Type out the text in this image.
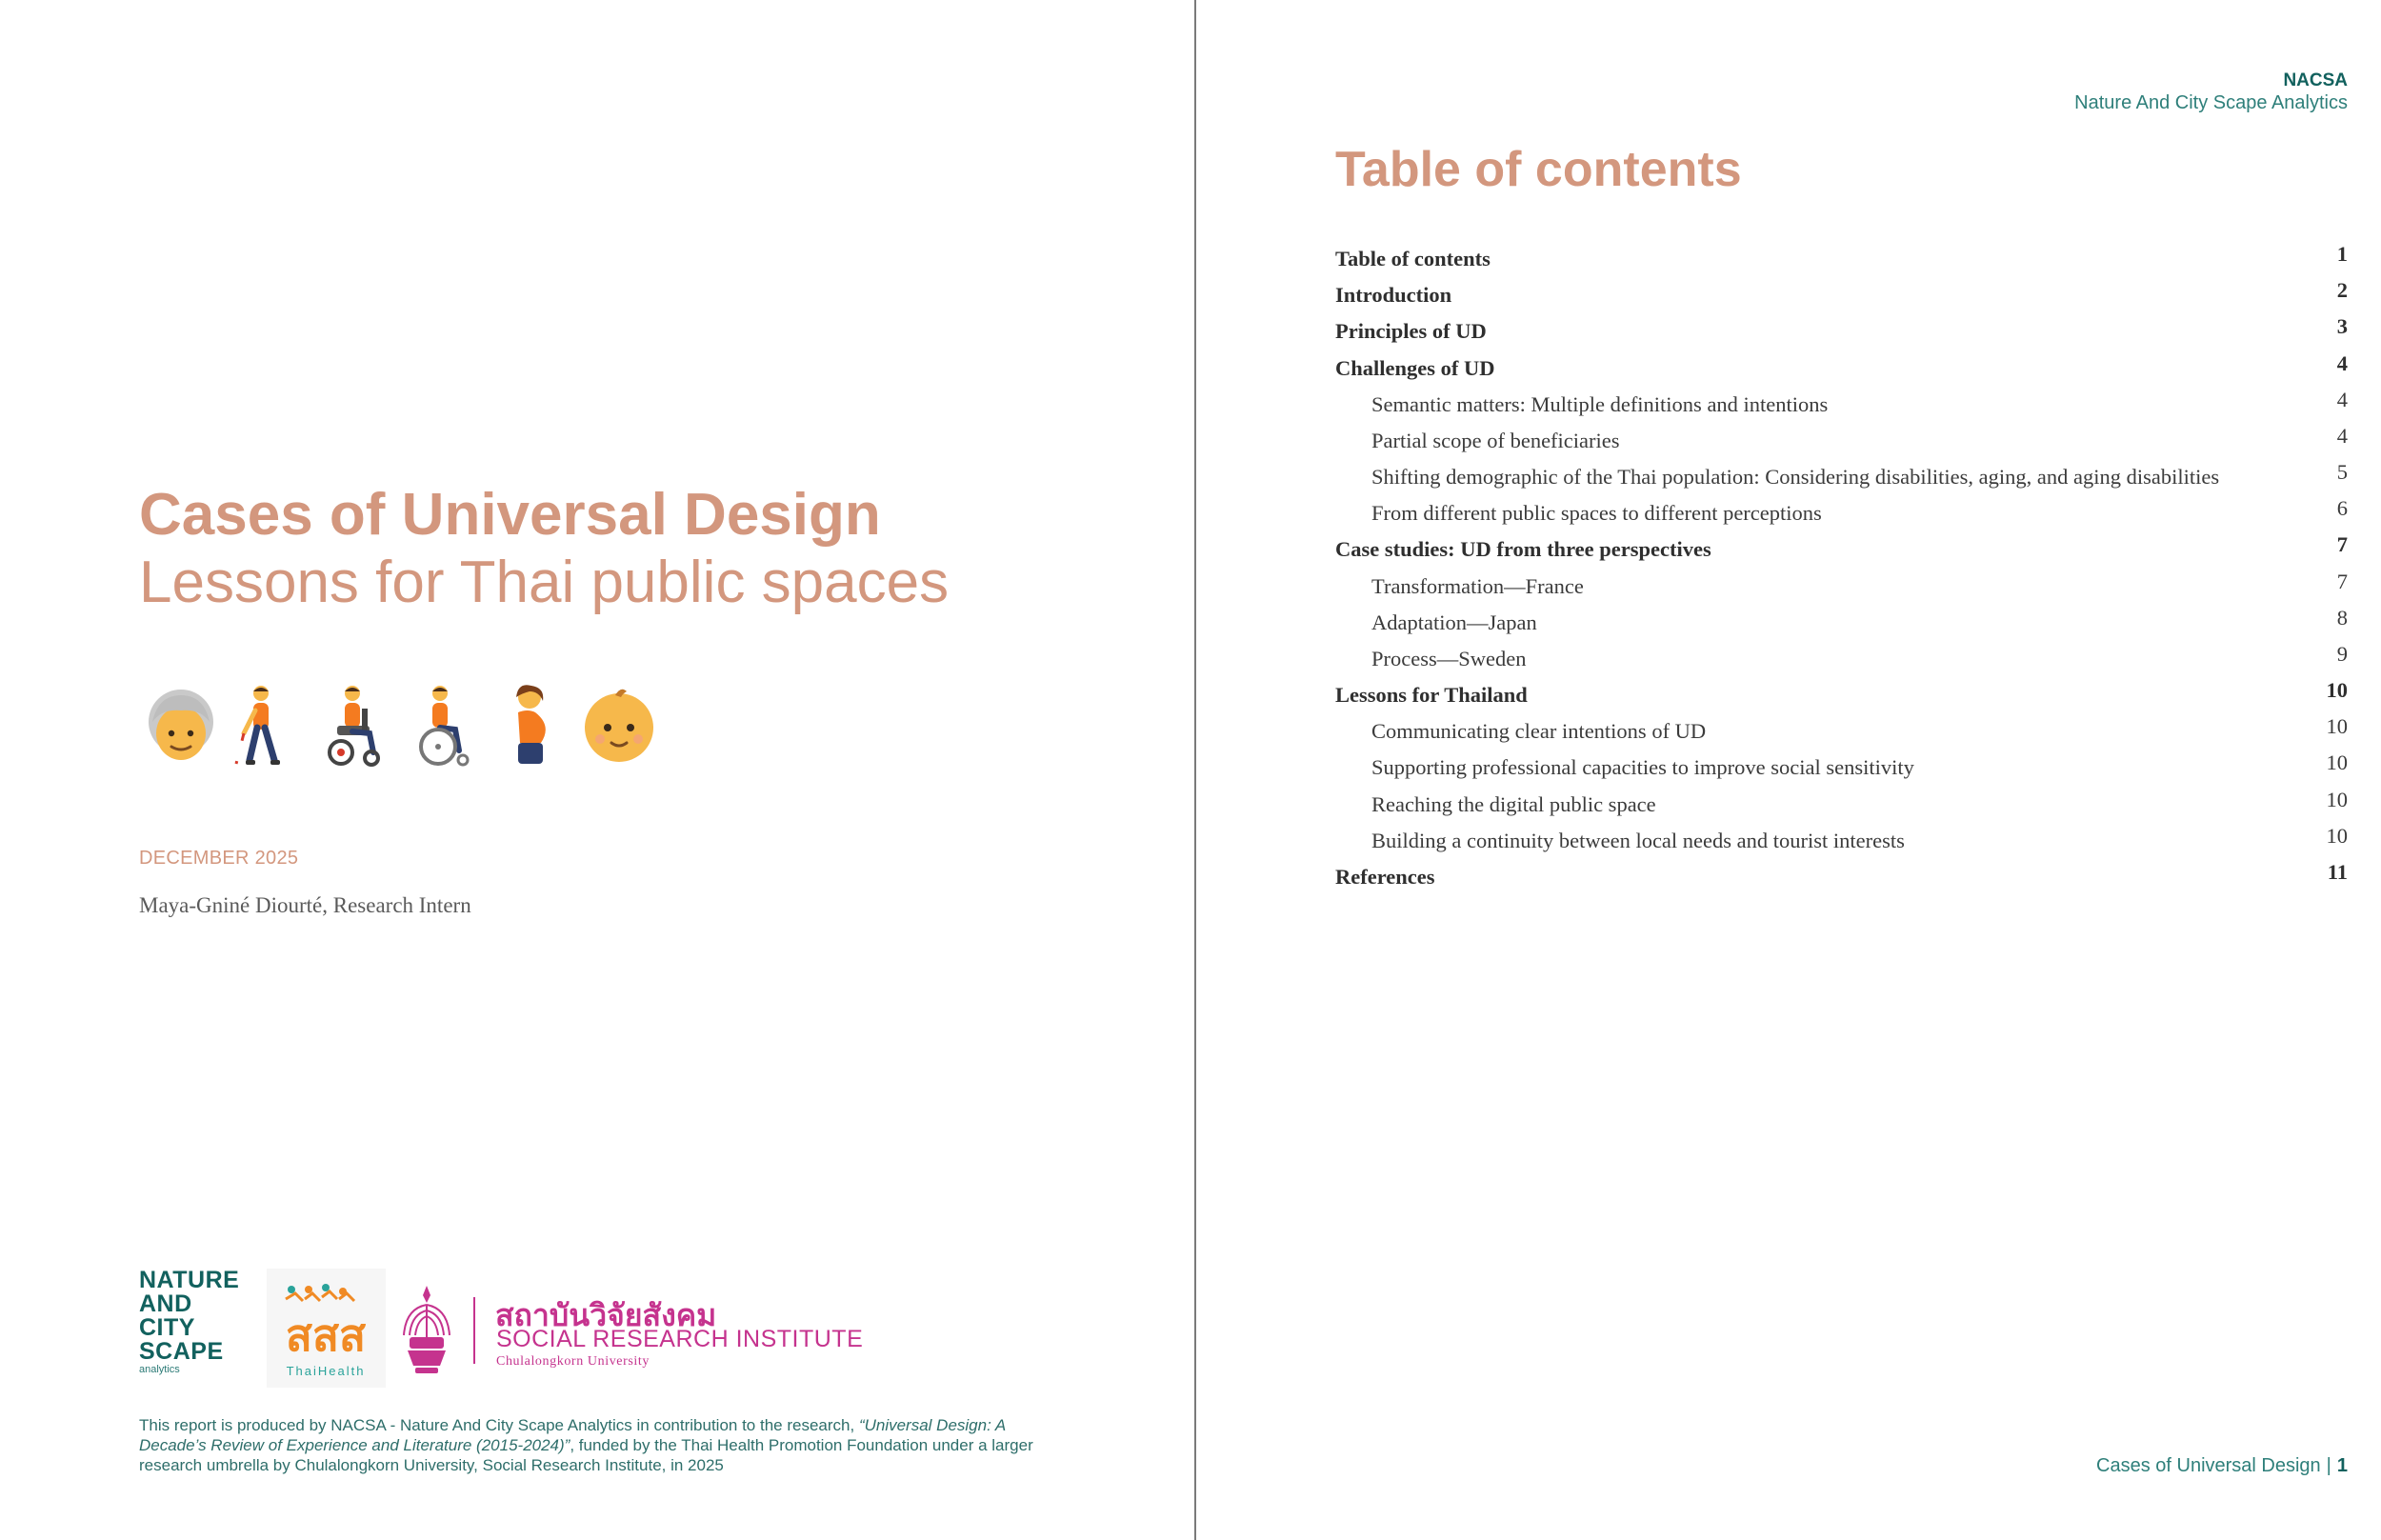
Cases of Universal Design
Lessons for Thai public spaces
DECEMBER 2025
Maya-Gniné Diourté, Research Intern
NATURE
AND
CITY
SCAPE
analytics
สสส
ThaiHealth
สถาบันวิจัยสังคม
SOCIAL RESEARCH INSTITUTE
Chulalongkorn University
This report is produced by NACSA - Nature And City Scape Analytics in contribution to the research, “Universal Design: A Decade’s Review of Experience and Literature (2015-2024)”, funded by the Thai Health Promotion Foundation under a larger research umbrella by Chulalongkorn University, Social Research Institute, in 2025
NACSA
Nature And City Scape Analytics
Table of contents
Table of contents	1
Introduction	2
Principles of UD	3
Challenges of UD	4
Semantic matters: Multiple definitions and intentions	4
Partial scope of beneficiaries	4
Shifting demographic of the Thai population: Considering disabilities, aging, and aging disabilities	5
From different public spaces to different perceptions	6
Case studies: UD from three perspectives	7
Transformation—France	7
Adaptation—Japan	8
Process—Sweden	9
Lessons for Thailand	10
Communicating clear intentions of UD	10
Supporting professional capacities to improve social sensitivity	10
Reaching the digital public space	10
Building a continuity between local needs and tourist interests	10
References	11
Cases of Universal Design | 1
